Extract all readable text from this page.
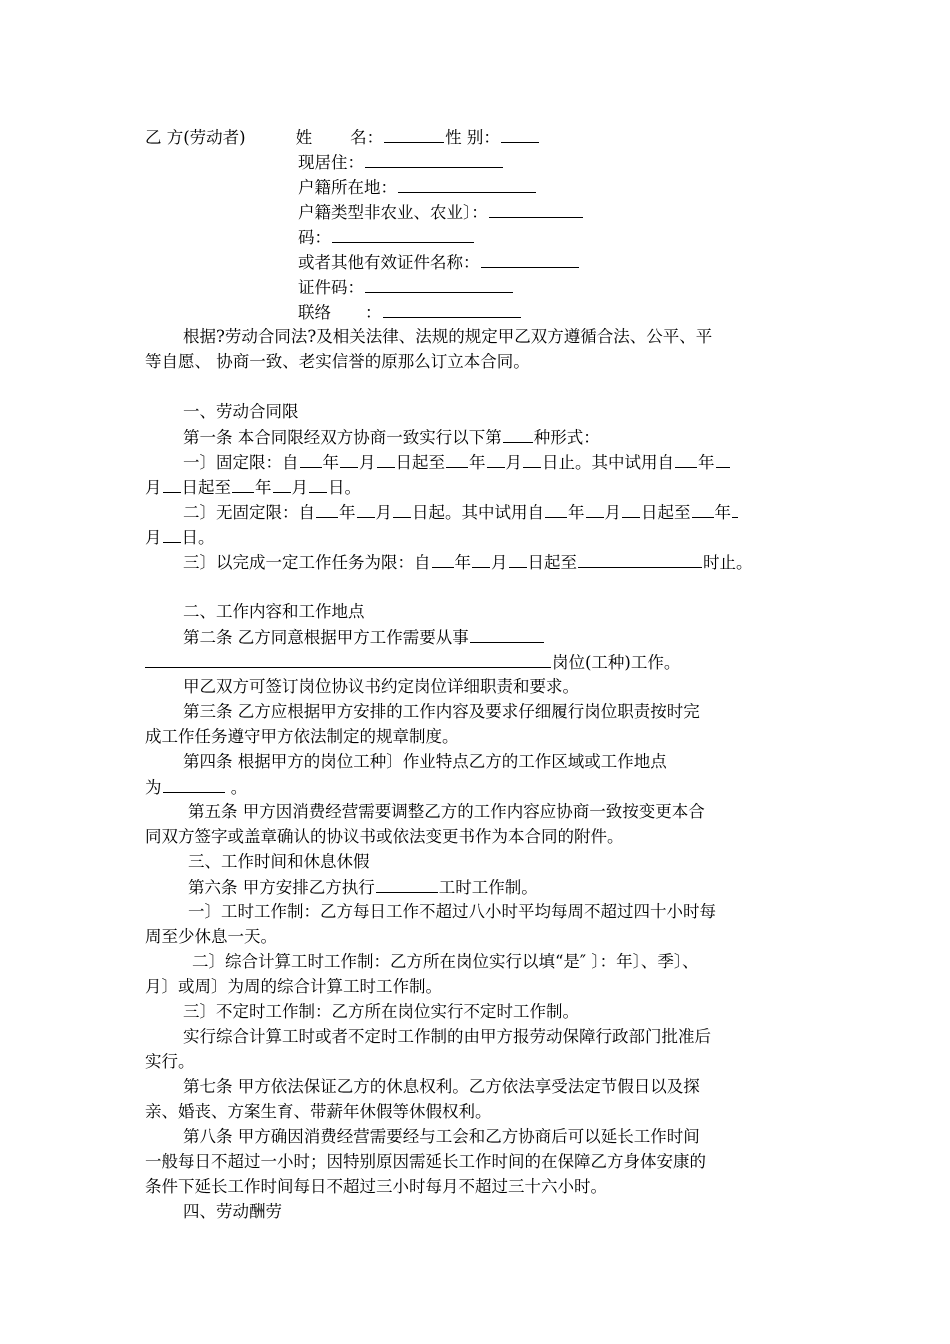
乙 方(劳动者)	姓 名：	性 别：
现居住：
户籍所在地：
户籍类型非农业、农业〕：
码：
或者其他有效证件名称：
证件码：
联络 ：
根据?劳动合同法?及相关法律、法规的规定甲乙双方遵循合法、公平、平
等自愿、 协商一致、老实信誉的原那么订立本合同。
一、劳动合同限
第一条 本合同限经双方协商一致实行以下第 种形式：
一〕固定限：自 年 月 日起至 年 月 日止。其中试用自 年
月 日起至 年 月 日。
二〕无固定限：自 年 月 日起。其中试用自 年 月 日起至 年
月 日。
三〕以完成一定工作任务为限：自 年 月 日起至	时止。
二、工作内容和工作地点
第二条 乙方同意根据甲方工作需要从事
岗位(工种)工作。
甲乙双方可签订岗位协议书约定岗位详细职责和要求。
第三条 乙方应根据甲方安排的工作内容及要求仔细履行岗位职责按时完
成工作任务遵守甲方依法制定的规章制度。
第四条 根据甲方的岗位工种〕作业特点乙方的工作区域或工作地点
为	。
第五条 甲方因消费经营需要调整乙方的工作内容应协商一致按变更本合
同双方签字或盖章确认的协议书或依法变更书作为本合同的附件。
三、工作时间和休息休假
第六条 甲方安排乙方执行	工时工作制。
一〕工时工作制：乙方每日工作不超过八小时平均每周不超过四十小时每
周至少休息一天。
二〕综合计算工时工作制：乙方所在岗位实行以填“是″ 〕：年〕、季〕、
月〕或周〕为周的综合计算工时工作制。
三〕不定时工作制：乙方所在岗位实行不定时工作制。
实行综合计算工时或者不定时工作制的由甲方报劳动保障行政部门批准后
实行。
第七条 甲方依法保证乙方的休息权利。乙方依法享受法定节假日以及探
亲、婚丧、方案生育、带薪年休假等休假权利。
第八条 甲方确因消费经营需要经与工会和乙方协商后可以延长工作时间
一般每日不超过一小时；因特别原因需延长工作时间的在保障乙方身体安康的
条件下延长工作时间每日不超过三小时每月不超过三十六小时。
四、劳动酬劳
